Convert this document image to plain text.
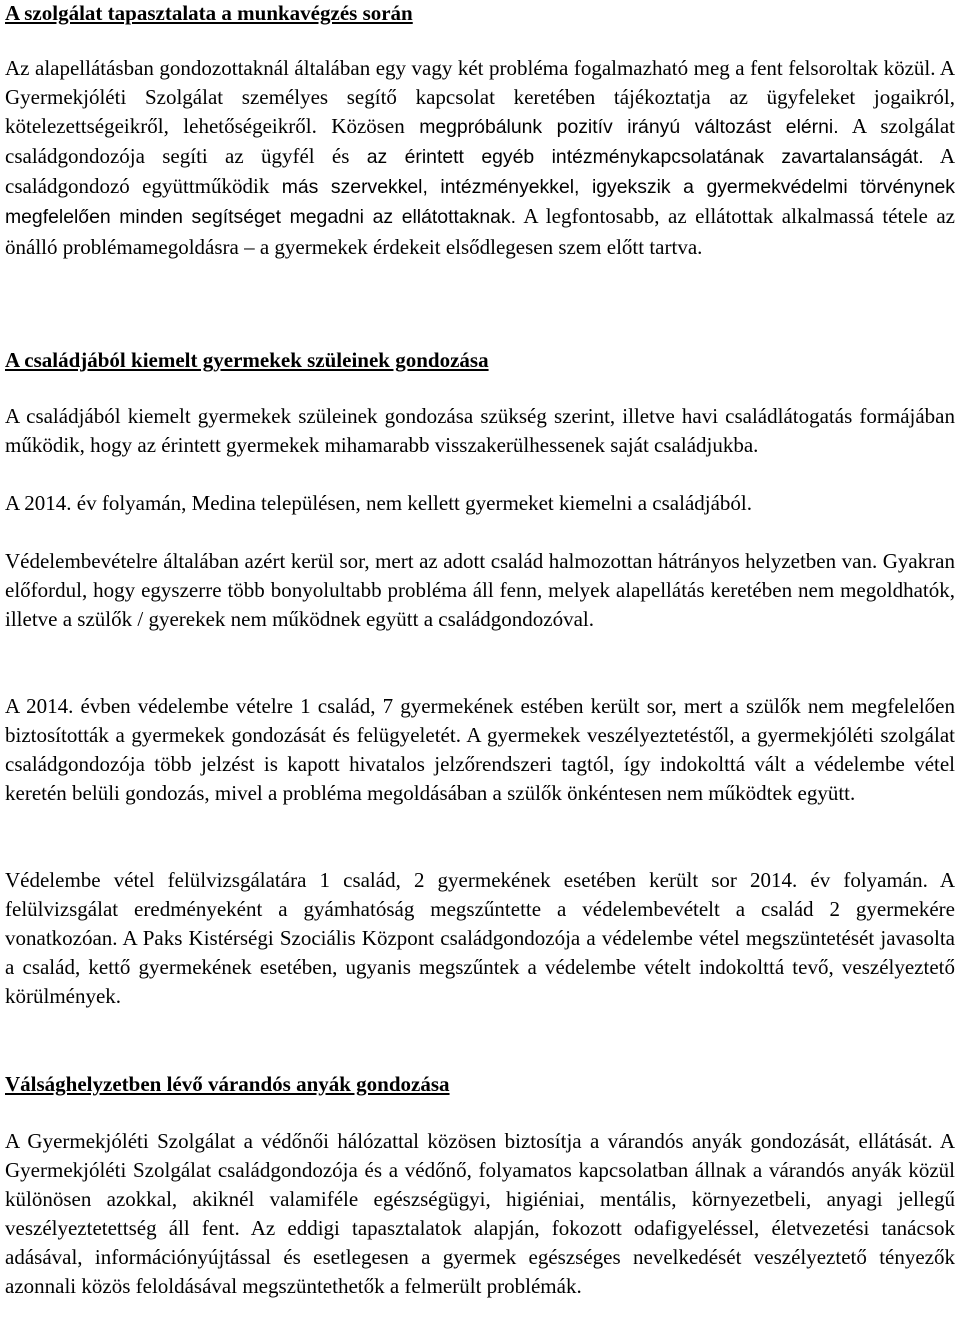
A szolgálat tapasztalata a munkavégzés során

Az alapellátásban gondozottaknál általában egy vagy két probléma fogalmazható meg a fent felsoroltak közül. A Gyermekjóléti Szolgálat személyes segítő kapcsolat keretében tájékoztatja az ügyfeleket jogaikról, kötelezettségeikről, lehetőségeikről. Közösen megpróbálunk pozitív irányú változást elérni. A szolgálat családgondozója segíti az ügyfél és az érintett egyéb intézménykapcsolatának zavartalanságát. A családgondozó együttműködik más szervekkel, intézményekkel, igyekszik a gyermekvédelmi törvénynek megfelelően minden segítséget megadni az ellátottaknak. A legfontosabb, az ellátottak alkalmassá tétele az önálló problémamegoldásra – a gyermekek érdekeit elsődlegesen szem előtt tartva.

A családjából kiemelt gyermekek szüleinek gondozása

A családjából kiemelt gyermekek szüleinek gondozása szükség szerint, illetve havi családlátogatás formájában működik, hogy az érintett gyermekek mihamarabb visszakerülhessenek saját családjukba.

A 2014. év folyamán, Medina településen, nem kellett gyermeket kiemelni a családjából.

Védelembevételre általában azért kerül sor, mert az adott család halmozottan hátrányos helyzetben van. Gyakran előfordul, hogy egyszerre több bonyolultabb probléma áll fenn, melyek alapellátás keretében nem megoldhatók, illetve a szülők / gyerekek nem működnek együtt a családgondozóval.

A 2014. évben védelembe vételre 1 család, 7 gyermekének estében került sor, mert a szülők nem megfelelően biztosították a gyermekek gondozását és felügyeletét. A gyermekek veszélyeztetéstől, a gyermekjóléti szolgálat családgondozója több jelzést is kapott hivatalos jelzőrendszeri tagtól, így indokolttá vált a védelembe vétel keretén belüli gondozás, mivel a probléma megoldásában a szülők önkéntesen nem működtek együtt.

Védelembe vétel felülvizsgálatára 1 család, 2 gyermekének esetében került sor 2014. év folyamán. A felülvizsgálat eredményeként a gyámhatóság megszűntette a védelembevételt a család 2 gyermekére vonatkozóan. A Paks Kistérségi Szociális Központ családgondozója a védelembe vétel megszüntetését javasolta a család, kettő gyermekének esetében, ugyanis megszűntek a védelembe vételt indokolttá tevő, veszélyeztető körülmények.

Válsághelyzetben lévő várandós anyák gondozása

A Gyermekjóléti Szolgálat a védőnői hálózattal közösen biztosítja a várandós anyák gondozását, ellátását. A Gyermekjóléti Szolgálat családgondozója és a védőnő, folyamatos kapcsolatban állnak a várandós anyák közül különösen azokkal, akiknél valamiféle egészségügyi, higiéniai, mentális, környezetbeli, anyagi jellegű veszélyeztetettség áll fent. Az eddigi tapasztalatok alapján, fokozott odafigyeléssel, életvezetési tanácsok adásával, információnyújtással és esetlegesen a gyermek egészséges nevelkedését veszélyeztető tényezők azonnali közös feloldásával megszüntethetők a felmerült problémák.
